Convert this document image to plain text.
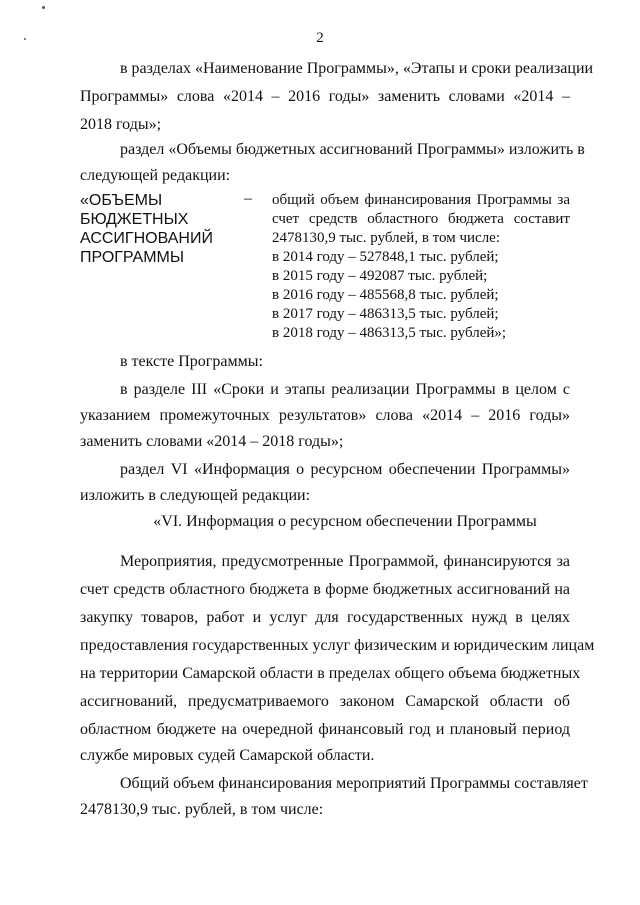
2
в разделах «Наименование Программы», «Этапы и сроки реализации
Программы» слова «2014 – 2016 годы» заменить словами «2014 –
2018 годы»;
раздел «Объемы бюджетных ассигнований Программы» изложить в
следующей редакции:
«ОБЪЕМЫ
БЮДЖЕТНЫХ
АССИГНОВАНИЙ
ПРОГРАММЫ
– общий объем финансирования Программы за
счет средств областного бюджета составит
2478130,9 тыс. рублей, в том числе:
в 2014 году – 527848,1 тыс. рублей;
в 2015 году – 492087 тыс. рублей;
в 2016 году – 485568,8 тыс. рублей;
в 2017 году – 486313,5 тыс. рублей;
в 2018 году – 486313,5 тыс. рублей»;
в тексте Программы:
в разделе III «Сроки и этапы реализации Программы в целом с
указанием промежуточных результатов» слова «2014 – 2016 годы»
заменить словами «2014 – 2018 годы»;
раздел VI «Информация о ресурсном обеспечении Программы»
изложить в следующей редакции:
«VI. Информация о ресурсном обеспечении Программы
Мероприятия, предусмотренные Программой, финансируются за
счет средств областного бюджета в форме бюджетных ассигнований на
закупку товаров, работ и услуг для государственных нужд в целях
предоставления государственных услуг физическим и юридическим лицам
на территории Самарской области в пределах общего объема бюджетных
ассигнований, предусматриваемого законом Самарской области об
областном бюджете на очередной финансовый год и плановый период
службе мировых судей Самарской области.
Общий объем финансирования мероприятий Программы составляет
2478130,9 тыс. рублей, в том числе:
